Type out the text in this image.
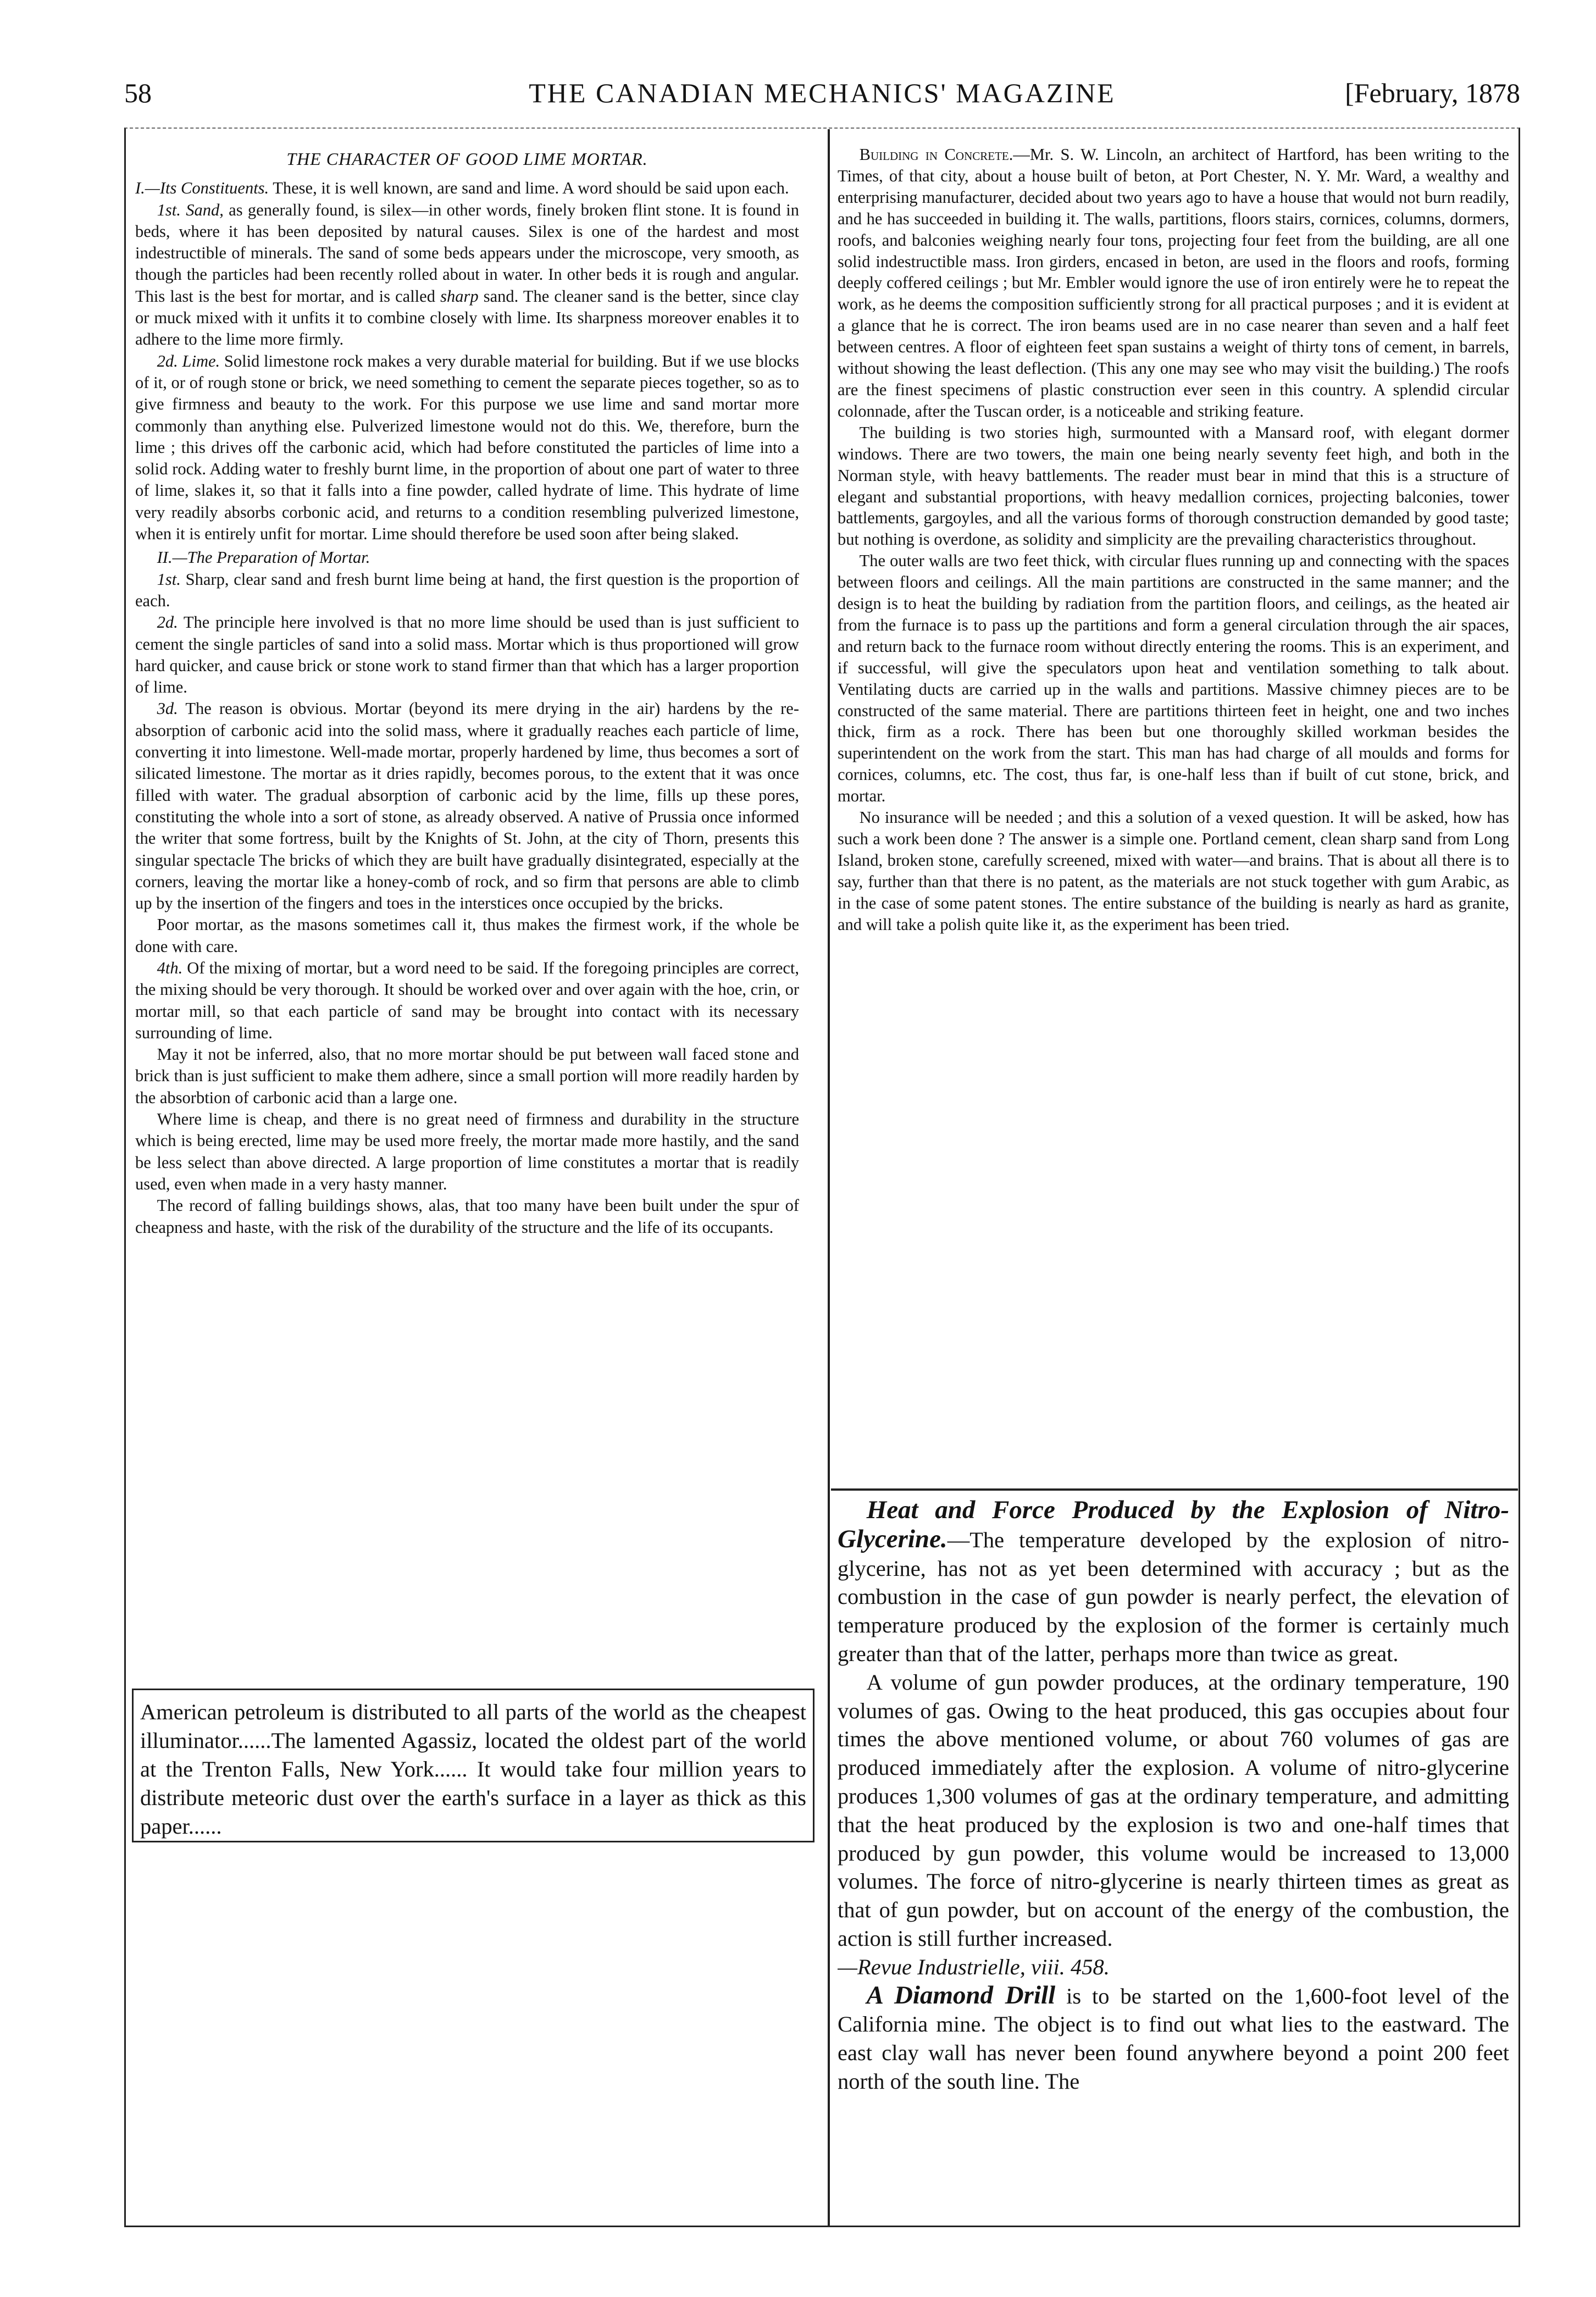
58	THE CANADIAN MECHANICS' MAGAZINE	[February, 1878

THE CHARACTER OF GOOD LIME MORTAR.

I.—Its Constituents. These, it is well known, are sand and lime. A word should be said upon each.

1st. Sand, as generally found, is silex—in other words, finely broken flint stone. It is found in beds, where it has been deposited by natural causes. Silex is one of the hardest and most indestructible of minerals. The sand of some beds appears under the microscope, very smooth, as though the particles had been recently rolled about in water. In other beds it is rough and angular. This last is the best for mortar, and is called sharp sand. The cleaner sand is the better, since clay or muck mixed with it unfits it to combine closely with lime. Its sharpness moreover enables it to adhere to the lime more firmly.

2d. Lime. Solid limestone rock makes a very durable material for building. But if we use blocks of it, or of rough stone or brick, we need something to cement the separate pieces together, so as to give firmness and beauty to the work. For this purpose we use lime and sand mortar more commonly than anything else. Pulverized limestone would not do this. We, therefore, burn the lime ; this drives off the carbonic acid, which had before constituted the particles of lime into a solid rock. Adding water to freshly burnt lime, in the proportion of about one part of water to three of lime, slakes it, so that it falls into a fine powder, called hydrate of lime. This hydrate of lime very readily absorbs corbonic acid, and returns to a condition resembling pulverized limestone, when it is entirely unfit for mortar. Lime should therefore be used soon after being slaked.

II.—The Preparation of Mortar.

1st. Sharp, clear sand and fresh burnt lime being at hand, the first question is the proportion of each.

2d. The principle here involved is that no more lime should be used than is just sufficient to cement the single particles of sand into a solid mass. Mortar which is thus proportioned will grow hard quicker, and cause brick or stone work to stand firmer than that which has a larger proportion of lime.

3d. The reason is obvious. Mortar (beyond its mere drying in the air) hardens by the re-absorption of carbonic acid into the solid mass, where it gradually reaches each particle of lime, converting it into limestone. Well-made mortar, properly hardened by lime, thus becomes a sort of silicated limestone. The mortar as it dries rapidly, becomes porous, to the extent that it was once filled with water. The gradual absorption of carbonic acid by the lime, fills up these pores, constituting the whole into a sort of stone, as already observed. A native of Prussia once informed the writer that some fortress, built by the Knights of St. John, at the city of Thorn, presents this singular spectacle The bricks of which they are built have gradually disintegrated, especially at the corners, leaving the mortar like a honey-comb of rock, and so firm that persons are able to climb up by the insertion of the fingers and toes in the interstices once occupied by the bricks.

Poor mortar, as the masons sometimes call it, thus makes the firmest work, if the whole be done with care.

4th. Of the mixing of mortar, but a word need to be said. If the foregoing principles are correct, the mixing should be very thorough. It should be worked over and over again with the hoe, crin, or mortar mill, so that each particle of sand may be brought into contact with its necessary surrounding of lime.

May it not be inferred, also, that no more mortar should be put between wall faced stone and brick than is just sufficient to make them adhere, since a small portion will more readily harden by the absorbtion of carbonic acid than a large one.

Where lime is cheap, and there is no great need of firmness and durability in the structure which is being erected, lime may be used more freely, the mortar made more hastily, and the sand be less select than above directed. A large proportion of lime constitutes a mortar that is readily used, even when made in a very hasty manner.

The record of falling buildings shows, alas, that too many have been built under the spur of cheapness and haste, with the risk of the durability of the structure and the life of its occupants.

American petroleum is distributed to all parts of the world as the cheapest illuminator......The lamented Agassiz, located the oldest part of the world at the Trenton Falls, New York...... It would take four million years to distribute meteoric dust over the earth's surface in a layer as thick as this paper......

Building in Concrete.—Mr. S. W. Lincoln, an architect of Hartford, has been writing to the Times, of that city, about a house built of beton, at Port Chester, N. Y. Mr. Ward, a wealthy and enterprising manufacturer, decided about two years ago to have a house that would not burn readily, and he has succeeded in building it. The walls, partitions, floors stairs, cornices, columns, dormers, roofs, and balconies weighing nearly four tons, projecting four feet from the building, are all one solid indestructible mass. Iron girders, encased in beton, are used in the floors and roofs, forming deeply coffered ceilings ; but Mr. Embler would ignore the use of iron entirely were he to repeat the work, as he deems the composition sufficiently strong for all practical purposes ; and it is evident at a glance that he is correct. The iron beams used are in no case nearer than seven and a half feet between centres. A floor of eighteen feet span sustains a weight of thirty tons of cement, in barrels, without showing the least deflection. (This any one may see who may visit the building.) The roofs are the finest specimens of plastic construction ever seen in this country. A splendid circular colonnade, after the Tuscan order, is a noticeable and striking feature.

The building is two stories high, surmounted with a Mansard roof, with elegant dormer windows. There are two towers, the main one being nearly seventy feet high, and both in the Norman style, with heavy battlements. The reader must bear in mind that this is a structure of elegant and substantial proportions, with heavy medallion cornices, projecting balconies, tower battlements, gargoyles, and all the various forms of thorough construction demanded by good taste; but nothing is overdone, as solidity and simplicity are the prevailing characteristics throughout.

The outer walls are two feet thick, with circular flues running up and connecting with the spaces between floors and ceilings. All the main partitions are constructed in the same manner; and the design is to heat the building by radiation from the partition floors, and ceilings, as the heated air from the furnace is to pass up the partitions and form a general circulation through the air spaces, and return back to the furnace room without directly entering the rooms. This is an experiment, and if successful, will give the speculators upon heat and ventilation something to talk about. Ventilating ducts are carried up in the walls and partitions. Massive chimney pieces are to be constructed of the same material. There are partitions thirteen feet in height, one and two inches thick, firm as a rock. There has been but one thoroughly skilled workman besides the superintendent on the work from the start. This man has had charge of all moulds and forms for cornices, columns, etc. The cost, thus far, is one-half less than if built of cut stone, brick, and mortar.

No insurance will be needed ; and this a solution of a vexed question. It will be asked, how has such a work been done ? The answer is a simple one. Portland cement, clean sharp sand from Long Island, broken stone, carefully screened, mixed with water—and brains. That is about all there is to say, further than that there is no patent, as the materials are not stuck together with gum Arabic, as in the case of some patent stones. The entire substance of the building is nearly as hard as granite, and will take a polish quite like it, as the experiment has been tried.

Heat and Force Produced by the Explosion of Nitro-Glycerine.—The temperature developed by the explosion of nitro-glycerine, has not as yet been determined with accuracy ; but as the combustion in the case of gun powder is nearly perfect, the elevation of temperature produced by the explosion of the former is certainly much greater than that of the latter, perhaps more than twice as great.

A volume of gun powder produces, at the ordinary temperature, 190 volumes of gas. Owing to the heat produced, this gas occupies about four times the above mentioned volume, or about 760 volumes of gas are produced immediately after the explosion. A volume of nitro-glycerine produces 1,300 volumes of gas at the ordinary temperature, and admitting that the heat produced by the explosion is two and one-half times that produced by gun powder, this volume would be increased to 13,000 volumes. The force of nitro-glycerine is nearly thirteen times as great as that of gun powder, but on account of the energy of the combustion, the action is still further increased.

—Revue Industrielle, viii. 458.

A Diamond Drill is to be started on the 1,600-foot level of the California mine. The object is to find out what lies to the eastward. The east clay wall has never been found anywhere beyond a point 200 feet north of the south line. The
